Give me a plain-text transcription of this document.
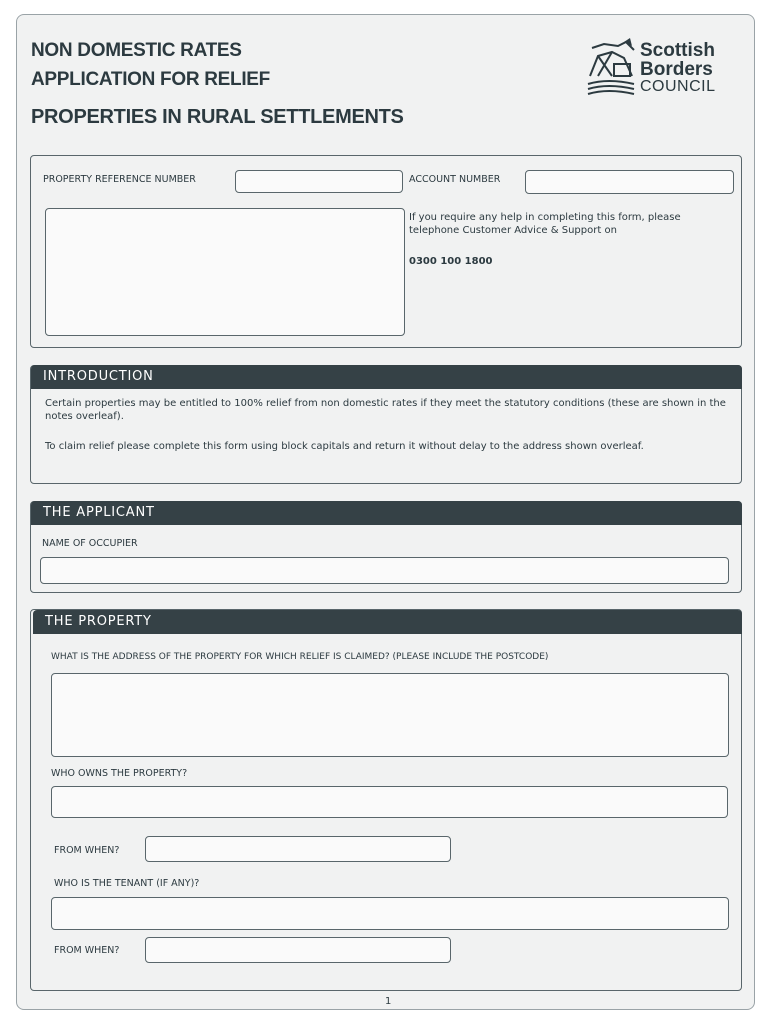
NON DOMESTIC RATES
APPLICATION FOR RELIEF
PROPERTIES IN RURAL SETTLEMENTS
Scottish
Borders
COUNCIL
PROPERTY REFERENCE NUMBER	ACCOUNT NUMBER
If you require any help in completing this form, please telephone Customer Advice & Support on
0300 100 1800
INTRODUCTION
Certain properties may be entitled to 100% relief from non domestic rates if they meet the statutory conditions (these are shown in the notes overleaf).
To claim relief please complete this form using block capitals and return it without delay to the address shown overleaf.
THE APPLICANT
NAME OF OCCUPIER
THE PROPERTY
WHAT IS THE ADDRESS OF THE PROPERTY FOR WHICH RELIEF IS CLAIMED? (PLEASE INCLUDE THE POSTCODE)
WHO OWNS THE PROPERTY?
FROM WHEN?
WHO IS THE TENANT (IF ANY)?
FROM WHEN?
1
